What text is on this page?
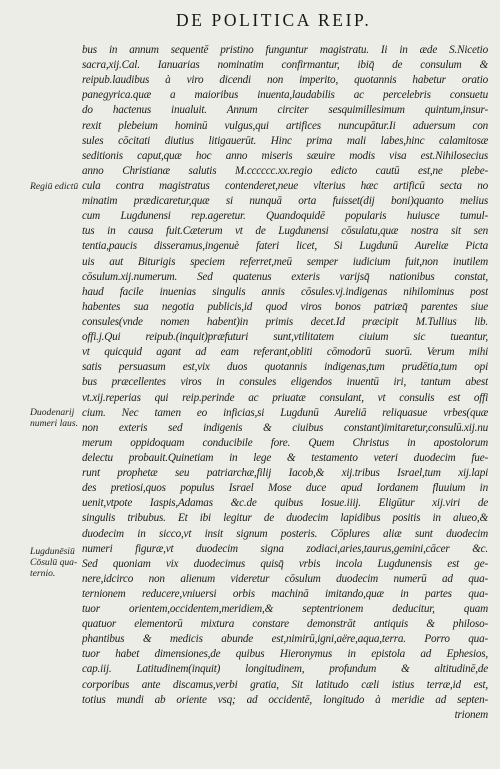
DE POLITICA REIP.
Regiū edictū
Duodenarij
numeri laus.
Lugdunēsiū
Cōsulū qua-
ternio.
bus in annum sequentē pristino funguntur magistratu. Ii in æde S.Nicetio
sacra,xij.Cal. Ianuarias nominatim confirmantur, ibiq̄ de consulum &
reipub.laudibus à viro dicendi non imperito, quotannis habetur oratio
panegyrica.quæ a maioribus inuenta,laudabilis ac percelebris consuetu
do hactenus inualuit. Annum circiter sesquimillesimum quintum,insur-
rexit plebeium hominū vulgus,qui artifices nuncupātur.Ii aduersum con
sules cōcitati diutius litigauerūt. Hinc prima mali labes,hinc calamitosæ
seditionis caput,quæ hoc anno miseris sæuire modis visa est.Nihilosecius
anno Christianæ salutis M.cccccc.xx.regio edicto cautū est,ne plebe-
cula contra magistratus contenderet,neue vlterius hæc artificū secta no
minatim prædicaretur,quæ si nunquā orta fuisset(dij boni)quanto melius
cum Lugdunensi rep.ageretur. Quandoquidē popularis huiusce tumul-
tus in causa fuit.Cæterum vt de Lugdunensi cōsulatu,quæ nostra sit sen
tentia,paucis disseramus,ingenuè fateri licet, Si Lugdunū Aureliæ Picta
uis aut Biturigis speciem referret,meū semper iudicium fuit,non inutilem
cōsulum.xij.numerum. Sed quatenus exteris varijsq̄ nationibus constat,
haud facile inuenias singulis annis cōsules.vj.indigenas nihilominus post
habentes sua negotia publicis,id quod viros bonos patriæq̄ parentes siue
consules(vnde nomen habent)in primis decet.Id præcipit M.Tullius lib.
offi.j.Qui reipub.(inquit)præfuturi sunt,vtilitatem ciuium sic tueantur,
vt quicquid agant ad eam referant,obliti cōmodorū suorū. Verum mihi
satis persuasum est,vix duos quotannis indigenas,tum prudētia,tum opi
bus præcellentes viros in consules eligendos inuentū iri, tantum abest
vt.xij.reperias qui reip.perinde ac priuatæ consulant, vt consulis est offi
cium. Nec tamen eo inficias,si Lugdunū Aureliā reliquasue vrbes(quæ
non exteris sed indigenis & ciuibus constant)imitaretur,consulū.xij.nu
merum oppidoquam conducibile fore. Quem Christus in apostolorum
delectu probauit.Quinetiam in lege & testamento veteri duodecim fue-
runt prophetæ seu patriarchæ,filij Iacob,& xij.tribus Israel,tum xij.lapi
des pretiosi,quos populus Israel Mose duce apud Iordanem fluuium in
uenit,vtpote Iaspis,Adamas &c.de quibus Iosue.iiij. Eligūtur xij.viri de
singulis tribubus. Et ibi legitur de duodecim lapidibus positis in alueo,&
duodecim in sicco,vt insit signum posteris. Cōplures aliæ sunt duodecim
numeri figuræ,vt duodecim signa zodiaci,aries,taurus,gemini,cācer &c.
Sed quoniam vix duodecimus quisq̄ vrbis incola Lugdunensis est ge-
nere,idcirco non alienum videretur cōsulum duodecim numerū ad qua-
ternionem reducere,vniuersi orbis machinā imitando,quæ in partes qua-
tuor orientem,occidentem,meridiem,& septentrionem deducitur, quam
quatuor elementorū mixtura constare demonstrāt antiquis & philoso-
phantibus & medicis abunde est,nimirū,igni,aëre,aqua,terra. Porro qua-
tuor habet dimensiones,de quibus Hieronymus in epistola ad Ephesios,
cap.iij. Latitudinem(inquit) longitudinem, profundum & altitudinē,de
corporibus ante discamus,verbi gratia, Sit latitudo cæli istius terræ,id est,
totius mundi ab oriente vsq; ad occidentē, longitudo à meridie ad septen-
trionem
